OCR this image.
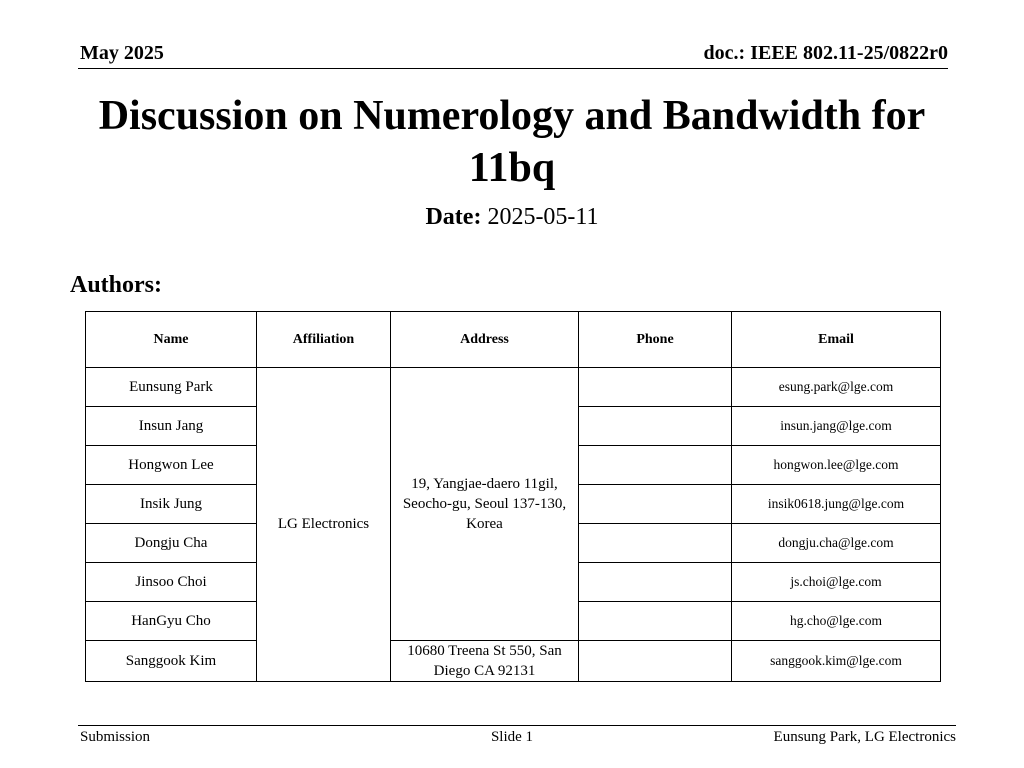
May 2025	doc.: IEEE 802.11-25/0822r0
Discussion on Numerology and Bandwidth for 11bq
Date: 2025-05-11
Authors:
Name	Affiliation	Address	Phone	Email
Eunsung Park	LG Electronics	19, Yangjae-daero 11gil, Seocho-gu, Seoul 137-130, Korea		esung.park@lge.com
Insun Jang				insun.jang@lge.com
Hongwon Lee				hongwon.lee@lge.com
Insik Jung				insik0618.jung@lge.com
Dongju Cha				dongju.cha@lge.com
Jinsoo Choi				js.choi@lge.com
HanGyu Cho				hg.cho@lge.com
Sanggook Kim		10680 Treena St 550, San Diego CA 92131		sanggook.kim@lge.com
Submission	Slide 1	Eunsung Park, LG Electronics
